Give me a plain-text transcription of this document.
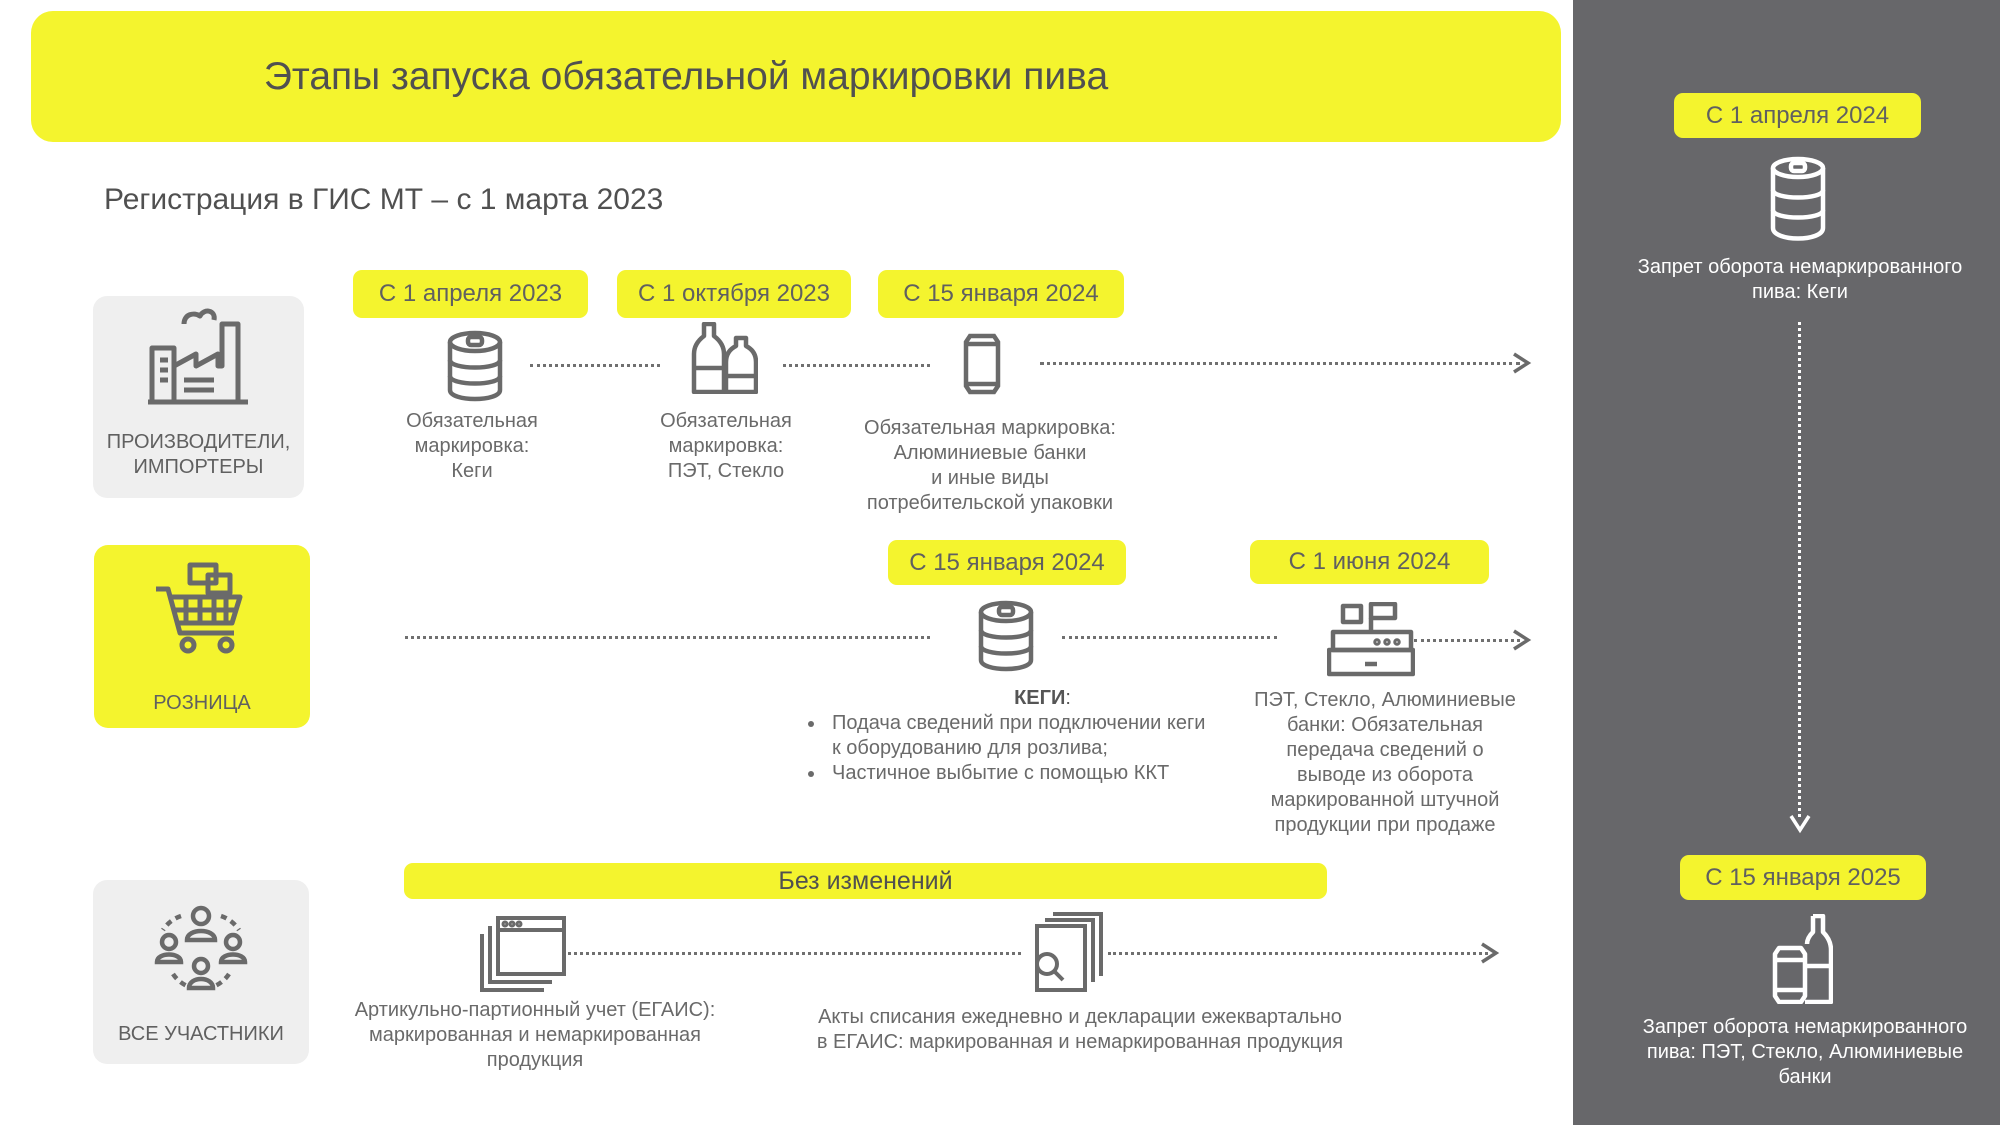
Этапы запуска обязательной маркировки пива
Регистрация в ГИС МТ – с 1 марта 2023
ПРОИЗВОДИТЕЛИ,
ИМПОРТЕРЫ
РОЗНИЦА
ВСЕ УЧАСТНИКИ
С 1 апреля 2023	С 1 октября 2023	С 15 января 2024
Обязательная
маркировка:
Кеги
Обязательная
маркировка:
ПЭТ, Стекло
Обязательная маркировка:
Алюминиевые банки
и иные виды
потребительской упаковки
С 15 января 2024	С 1 июня 2024
КЕГИ:
• Подача сведений при подключении кеги
к оборудованию для розлива;
• Частичное выбытие с помощью ККТ
ПЭТ, Стекло, Алюминиевые
банки: Обязательная
передача сведений о
выводе из оборота
маркированной штучной
продукции при продаже
Без изменений
Артикульно-партионный учет (ЕГАИС):
маркированная и немаркированная
продукция
Акты списания ежедневно и декларации ежеквартально
в ЕГАИС: маркированная и немаркированная продукция
С 1 апреля 2024
Запрет оборота немаркированного
пива: Кеги
С 15 января 2025
Запрет оборота немаркированного
пива: ПЭТ, Стекло, Алюминиевые
банки
